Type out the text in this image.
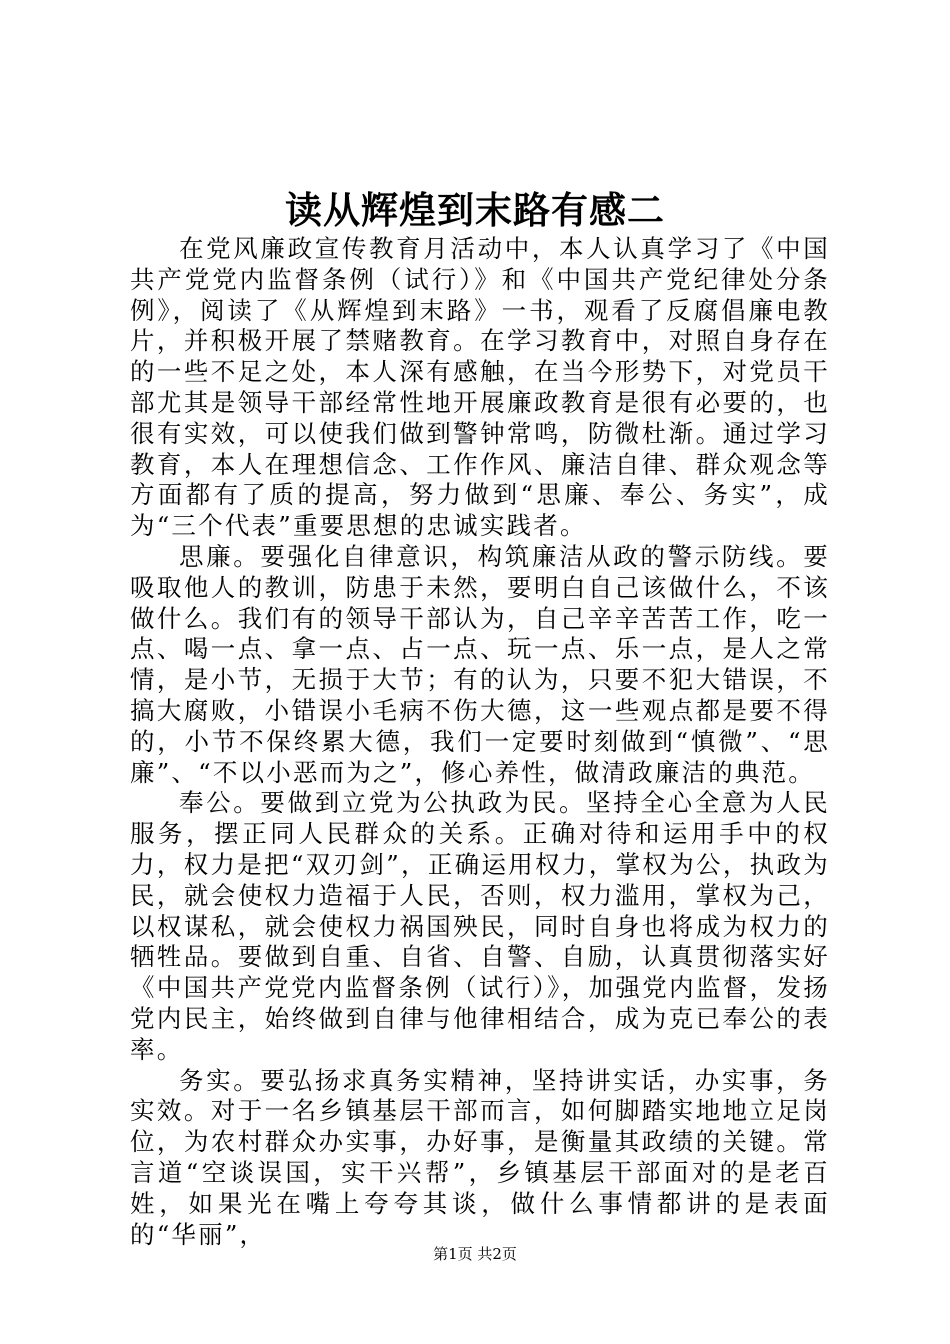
读从辉煌到末路有感二

在党风廉政宣传教育月活动中，本人认真学习了《中国共产党党内监督条例（试行）》和《中国共产党纪律处分条例》，阅读了《从辉煌到末路》一书，观看了反腐倡廉电教片，并积极开展了禁赌教育。在学习教育中，对照自身存在的一些不足之处，本人深有感触，在当今形势下，对党员干部尤其是领导干部经常性地开展廉政教育是很有必要的，也很有实效，可以使我们做到警钟常鸣，防微杜渐。通过学习教育，本人在理想信念、工作作风、廉洁自律、群众观念等方面都有了质的提高，努力做到“思廉、奉公、务实”，成为“三个代表”重要思想的忠诚实践者。

思廉。要强化自律意识，构筑廉洁从政的警示防线。要吸取他人的教训，防患于未然，要明白自己该做什么，不该做什么。我们有的领导干部认为，自己辛辛苦苦工作，吃一点、喝一点、拿一点、占一点、玩一点、乐一点，是人之常情，是小节，无损于大节；有的认为，只要不犯大错误，不搞大腐败，小错误小毛病不伤大德，这一些观点都是要不得的，小节不保终累大德，我们一定要时刻做到“慎微”、“思廉”、“不以小恶而为之”，修心养性，做清政廉洁的典范。

奉公。要做到立党为公执政为民。坚持全心全意为人民服务，摆正同人民群众的关系。正确对待和运用手中的权力，权力是把“双刃剑”，正确运用权力，掌权为公，执政为民，就会使权力造福于人民，否则，权力滥用，掌权为己，以权谋私，就会使权力祸国殃民，同时自身也将成为权力的牺牲品。要做到自重、自省、自警、自励，认真贯彻落实好《中国共产党党内监督条例（试行）》，加强党内监督，发扬党内民主，始终做到自律与他律相结合，成为克已奉公的表率。

务实。要弘扬求真务实精神，坚持讲实话，办实事，务实效。对于一名乡镇基层干部而言，如何脚踏实地地立足岗位，为农村群众办实事，办好事，是衡量其政绩的关键。常言道“空谈误国，实干兴帮”，乡镇基层干部面对的是老百姓，如果光在嘴上夸夸其谈，做什么事情都讲的是表面的“华丽”，

第1页 共2页
